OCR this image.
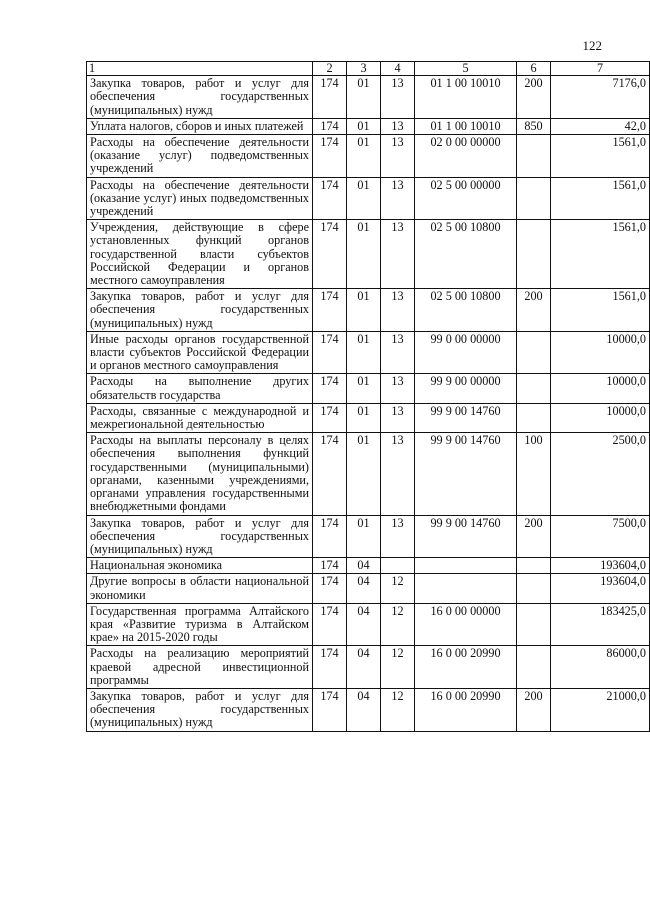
122
1	2	3	4	5	6	7
Закупка товаров, работ и услуг для обеспечения государственных (муниципальных) нужд	174	01	13	01 1 00 10010	200	7176,0
Уплата налогов, сборов и иных платежей	174	01	13	01 1 00 10010	850	42,0
Расходы на обеспечение деятельности (оказание услуг) подведомственных учреждений	174	01	13	02 0 00 00000		1561,0
Расходы на обеспечение деятельности (оказание услуг) иных подведомственных учреждений	174	01	13	02 5 00 00000		1561,0
Учреждения, действующие в сфере установленных функций органов государственной власти субъектов Российской Федерации и органов местного самоуправления	174	01	13	02 5 00 10800		1561,0
Закупка товаров, работ и услуг для обеспечения государственных (муниципальных) нужд	174	01	13	02 5 00 10800	200	1561,0
Иные расходы органов государственной власти субъектов Российской Федерации и органов местного самоуправления	174	01	13	99 0 00 00000		10000,0
Расходы на выполнение других обязательств государства	174	01	13	99 9 00 00000		10000,0
Расходы, связанные с международной и межрегиональной деятельностью	174	01	13	99 9 00 14760		10000,0
Расходы на выплаты персоналу в целях обеспечения выполнения функций государственными (муниципальными) органами, казенными учреждениями, органами управления государственными внебюджетными фондами	174	01	13	99 9 00 14760	100	2500,0
Закупка товаров, работ и услуг для обеспечения государственных (муниципальных) нужд	174	01	13	99 9 00 14760	200	7500,0
Национальная экономика	174	04				193604,0
Другие вопросы в области национальной экономики	174	04	12			193604,0
Государственная программа Алтайского края «Развитие туризма в Алтайском крае» на 2015-2020 годы	174	04	12	16 0 00 00000		183425,0
Расходы на реализацию мероприятий краевой адресной инвестиционной программы	174	04	12	16 0 00 20990		86000,0
Закупка товаров, работ и услуг для обеспечения государственных (муниципальных) нужд	174	04	12	16 0 00 20990	200	21000,0
